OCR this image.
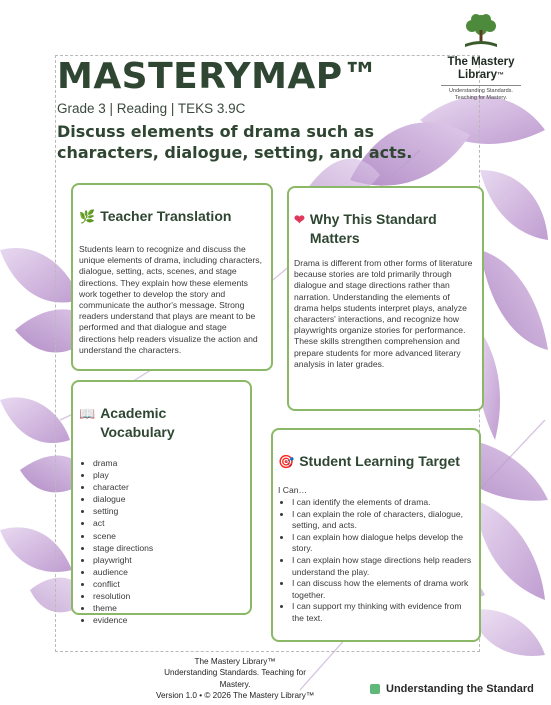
The Mastery
Library™
Understanding Standards.
Teaching for Mastery.
MASTERYMAP™
Grade 3 | Reading | TEKS 3.9C
Discuss elements of drama such as characters, dialogue, setting, and acts.
🌿 Teacher Translation

Students learn to recognize and discuss the unique elements of drama, including characters, dialogue, setting, acts, scenes, and stage directions. They explain how these elements work together to develop the story and communicate the author's message. Strong readers understand that plays are meant to be performed and that dialogue and stage directions help readers visualize the action and understand the characters.

❤ Why This Standard Matters

Drama is different from other forms of literature because stories are told primarily through dialogue and stage directions rather than narration. Understanding the elements of drama helps students interpret plays, analyze characters' interactions, and recognize how playwrights organize stories for performance. These skills strengthen comprehension and prepare students for more advanced literary analysis in later grades.

📖 Academic Vocabulary
• drama
• play
• character
• dialogue
• setting
• act
• scene
• stage directions
• playwright
• audience
• conflict
• resolution
• theme
• evidence
🎯 Student Learning Target
I Can…
• I can identify the elements of drama.
• I can explain the role of characters, dialogue, setting, and acts.
• I can explain how dialogue helps develop the story.
• I can explain how stage directions help readers understand the play.
• I can discuss how the elements of drama work together.
• I can support my thinking with evidence from the text.
The Mastery Library™
Understanding Standards. Teaching for Mastery.
Version 1.0 • © 2026 The Mastery Library™
Understanding the Standard
